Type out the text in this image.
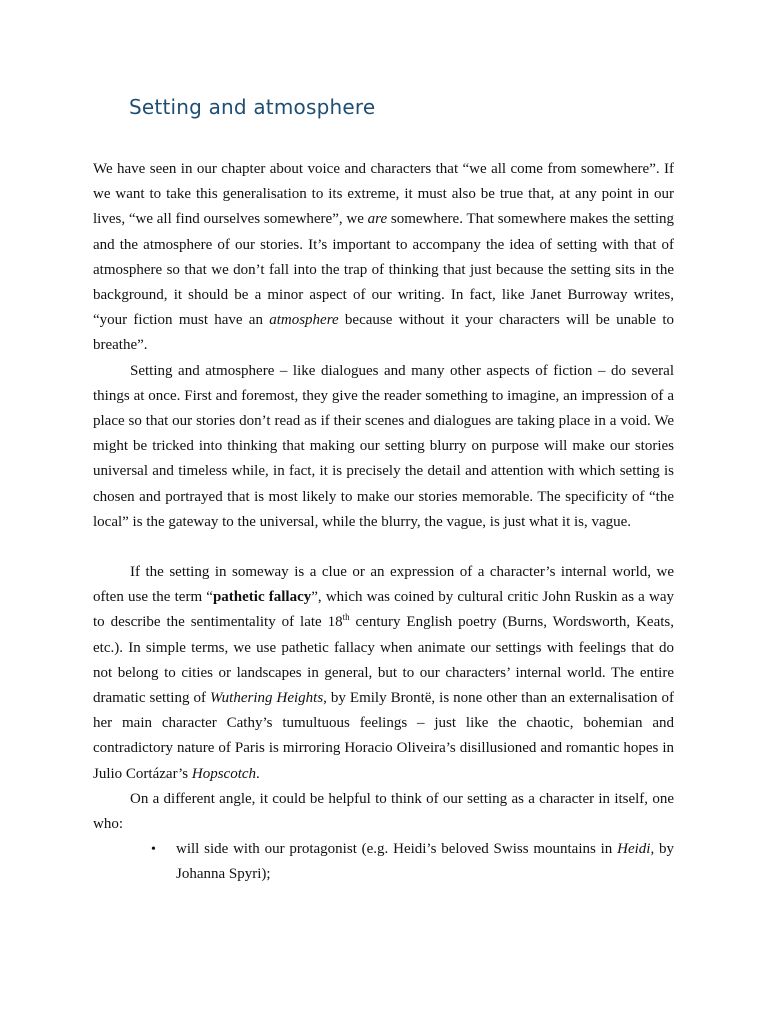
Setting and atmosphere

We have seen in our chapter about voice and characters that “we all come from somewhere”. If we want to take this generalisation to its extreme, it must also be true that, at any point in our lives, “we all find ourselves somewhere”, we are somewhere. That somewhere makes the setting and the atmosphere of our stories. It’s important to accompany the idea of setting with that of atmosphere so that we don’t fall into the trap of thinking that just because the setting sits in the background, it should be a minor aspect of our writing. In fact, like Janet Burroway writes, “your fiction must have an atmosphere because without it your characters will be unable to breathe”.

Setting and atmosphere – like dialogues and many other aspects of fiction – do several things at once. First and foremost, they give the reader something to imagine, an impression of a place so that our stories don’t read as if their scenes and dialogues are taking place in a void. We might be tricked into thinking that making our setting blurry on purpose will make our stories universal and timeless while, in fact, it is precisely the detail and attention with which setting is chosen and portrayed that is most likely to make our stories memorable. The specificity of “the local” is the gateway to the universal, while the blurry, the vague, is just what it is, vague.

If the setting in someway is a clue or an expression of a character’s internal world, we often use the term “pathetic fallacy”, which was coined by cultural critic John Ruskin as a way to describe the sentimentality of late 18th century English poetry (Burns, Wordsworth, Keats, etc.). In simple terms, we use pathetic fallacy when animate our settings with feelings that do not belong to cities or landscapes in general, but to our characters’ internal world. The entire dramatic setting of Wuthering Heights, by Emily Brontë, is none other than an externalisation of her main character Cathy’s tumultuous feelings – just like the chaotic, bohemian and contradictory nature of Paris is mirroring Horacio Oliveira’s disillusioned and romantic hopes in Julio Cortázar’s Hopscotch.

On a different angle, it could be helpful to think of our setting as a character in itself, one who:

• will side with our protagonist (e.g. Heidi’s beloved Swiss mountains in Heidi, by Johanna Spyri);
